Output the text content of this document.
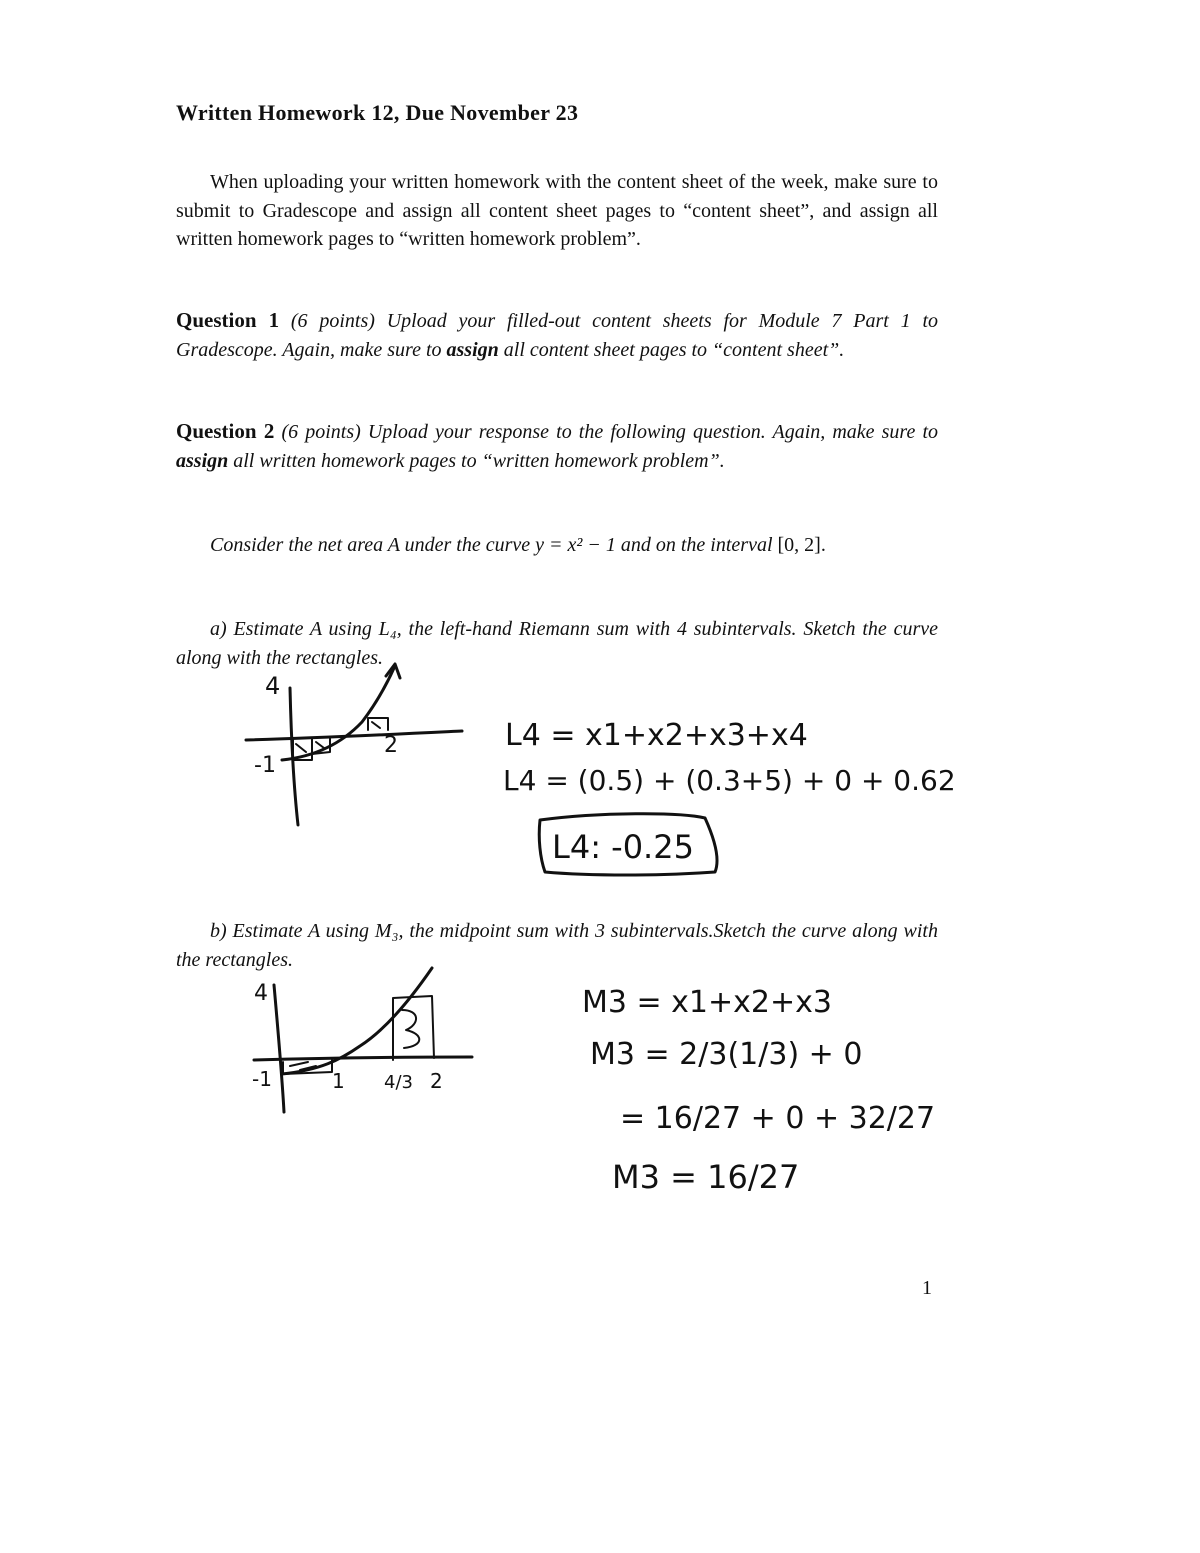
Written Homework 12, Due November 23
When uploading your written homework with the content sheet of the week, make sure to submit to Gradescope and assign all content sheet pages to “content sheet”, and assign all written homework pages to “written homework problem”.
Question 1 (6 points) Upload your filled-out content sheets for Module 7 Part 1 to Gradescope. Again, make sure to assign all content sheet pages to “content sheet”.
Question 2 (6 points) Upload your response to the following question. Again, make sure to assign all written homework pages to “written homework problem”.
Consider the net area A under the curve y = x² − 1 and on the interval [0, 2].
a) Estimate A using L₄, the left-hand Riemann sum with 4 subintervals. Sketch the curve along with the rectangles.
b) Estimate A using M₃, the midpoint sum with 3 subintervals.Sketch the curve along with the rectangles.
1
4
2
-1
L4 = x1+x2+x3+x4
L4 = (0.5) + (0.3+5) + 0 + 0.62
L4: -0.25
4
-1	1 4/3 2
M3 = x1+x2+x3
M3 = 2/3(1/3) + 0
= 16/27 + 0 + 32/27
M3 = 16/27
